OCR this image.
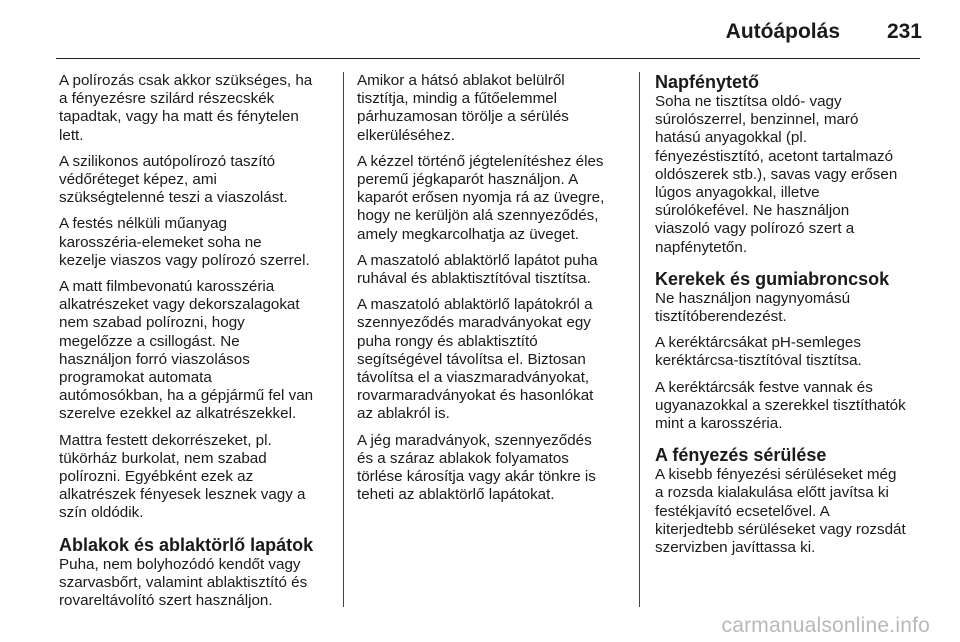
Autóápolás 231

A polírozás csak akkor szükséges, ha
a fényezésre szilárd részecskék
tapadtak, vagy ha matt és fénytelen
lett.

A szilikonos autópolírozó taszító
védőréteget képez, ami
szükségtelenné teszi a viaszolást.

A festés nélküli műanyag
karosszéria-elemeket soha ne
kezelje viaszos vagy polírozó szerrel.

A matt filmbevonatú karosszéria
alkatrészeket vagy dekorszalagokat
nem szabad polírozni, hogy
megelőzze a csillogást. Ne
használjon forró viaszolásos
programokat automata
autómosókban, ha a gépjármű fel van
szerelve ezekkel az alkatrészekkel.

Mattra festett dekorrészeket, pl.
tükörház burkolat, nem szabad
polírozni. Egyébként ezek az
alkatrészek fényesek lesznek vagy a
szín oldódik.

Ablakok és ablaktörlő lapátok

Puha, nem bolyhozódó kendőt vagy
szarvasbőrt, valamint ablaktisztító és
rovareltávolító szert használjon.

Amikor a hátsó ablakot belülről
tisztítja, mindig a fűtőelemmel
párhuzamosan törölje a sérülés
elkerüléséhez.

A kézzel történő jégtelenítéshez éles
peremű jégkaparót használjon. A
kaparót erősen nyomja rá az üvegre,
hogy ne kerüljön alá szennyeződés,
amely megkarcolhatja az üveget.

A maszatoló ablaktörlő lapátot puha
ruhával és ablaktisztítóval tisztítsa.

A maszatoló ablaktörlő lapátokról a
szennyeződés maradványokat egy
puha rongy és ablaktisztító
segítségével távolítsa el. Biztosan
távolítsa el a viaszmaradványokat,
rovarmaradványokat és hasonlókat
az ablakról is.

A jég maradványok, szennyeződés
és a száraz ablakok folyamatos
törlése károsítja vagy akár tönkre is
teheti az ablaktörlő lapátokat.

Napfénytető

Soha ne tisztítsa oldó- vagy
súrolószerrel, benzinnel, maró
hatású anyagokkal (pl.
fényezéstisztító, acetont tartalmazó
oldószerek stb.), savas vagy erősen
lúgos anyagokkal, illetve
súrolókefével. Ne használjon
viaszoló vagy polírozó szert a
napfénytetőn.

Kerekek és gumiabroncsok

Ne használjon nagynyomású
tisztítóberendezést.

A keréktárcsákat pH-semleges
keréktárcsa-tisztítóval tisztítsa.

A keréktárcsák festve vannak és
ugyanazokkal a szerekkel tisztíthatók
mint a karosszéria.

A fényezés sérülése

A kisebb fényezési sérüléseket még
a rozsda kialakulása előtt javítsa ki
festékjavító ecsetelővel. A
kiterjedtebb sérüléseket vagy rozsdát
szervizben javíttassa ki.

carmanualsonline.info
